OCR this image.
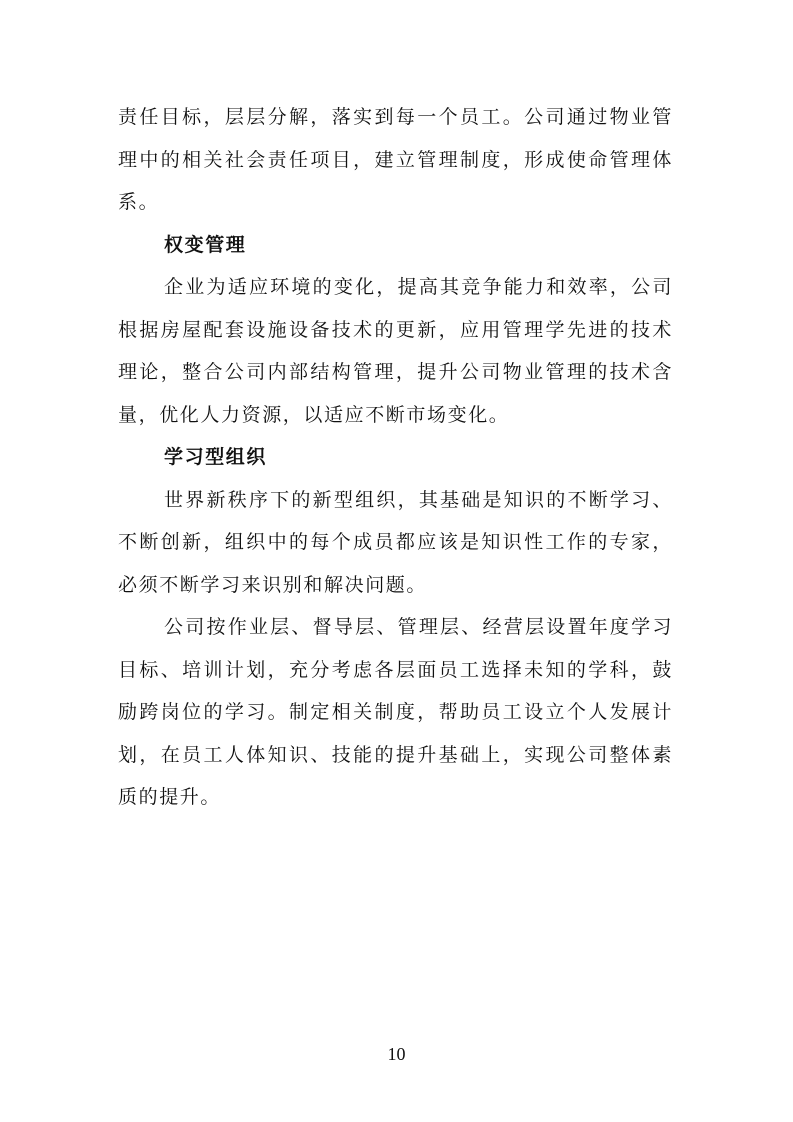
责任目标，层层分解，落实到每一个员工。公司通过物业管
理中的相关社会责任项目，建立管理制度，形成使命管理体
系。
权变管理
企业为适应环境的变化，提高其竞争能力和效率，公司
根据房屋配套设施设备技术的更新，应用管理学先进的技术
理论，整合公司内部结构管理，提升公司物业管理的技术含
量，优化人力资源，以适应不断市场变化。
学习型组织
世界新秩序下的新型组织，其基础是知识的不断学习、
不断创新，组织中的每个成员都应该是知识性工作的专家，
必须不断学习来识别和解决问题。
公司按作业层、督导层、管理层、经营层设置年度学习
目标、培训计划，充分考虑各层面员工选择未知的学科，鼓
励跨岗位的学习。制定相关制度，帮助员工设立个人发展计
划，在员工人体知识、技能的提升基础上，实现公司整体素
质的提升。
10
